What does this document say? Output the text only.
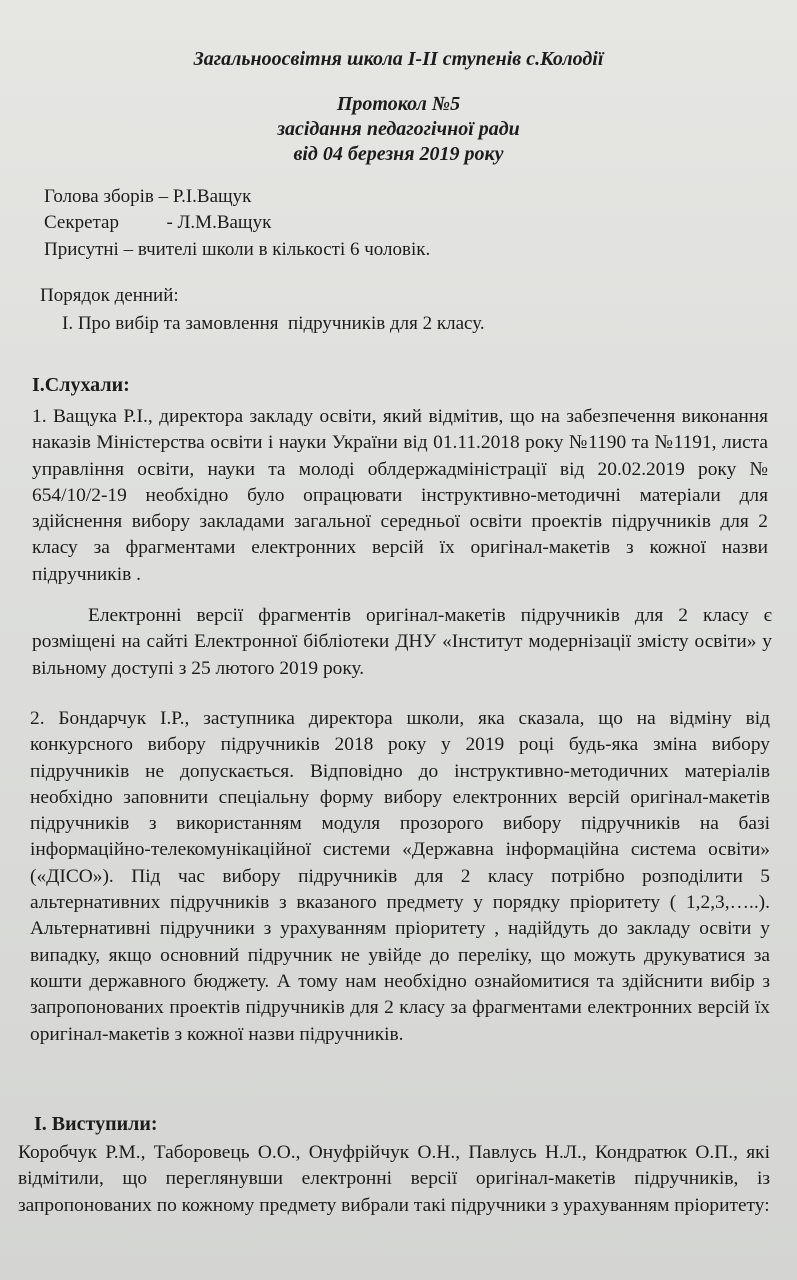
Загальноосвітня школа І-ІІ ступенів с.Колодії

Протокол №5

засідання педагогічної ради

від 04 березня 2019 року

Голова зборів – Р.І.Ващук

Секретар          - Л.М.Ващук

Присутні – вчителі школи в кількості 6 чоловік.

Порядок денний:

І. Про вибір та замовлення  підручників для 2 класу.

І.Слухали:

1. Ващука Р.І., директора закладу освіти, який відмітив, що на забезпечення виконання наказів Міністерства освіти і науки України від 01.11.2018 року №1190 та №1191, листа управління освіти, науки та молоді облдержадміністрації від 20.02.2019 року № 654/10/2-19 необхідно було опрацювати інструктивно-методичні матеріали для здійснення вибору закладами загальної середньої освіти проектів підручників для 2 класу за фрагментами електронних версій їх оригінал-макетів з кожної назви підручників .

Електронні версії фрагментів оригінал-макетів підручників для 2 класу є розміщені на сайті Електронної бібліотеки ДНУ «Інститут модернізації змісту освіти» у вільному доступі з 25 лютого 2019 року.

2. Бондарчук І.Р., заступника директора школи, яка сказала, що на відміну від конкурсного вибору підручників 2018 року у 2019 році будь-яка зміна вибору підручників не допускається. Відповідно до інструктивно-методичних матеріалів необхідно заповнити спеціальну форму вибору електронних версій оригінал-макетів підручників з використанням модуля прозорого вибору підручників на базі інформаційно-телекомунікаційної системи «Державна інформаційна система освіти» («ДІСО»). Під час вибору підручників для 2 класу потрібно розподілити 5 альтернативних підручників з вказаного предмету у порядку пріоритету ( 1,2,3,…..). Альтернативні підручники з урахуванням пріоритету , надійдуть до закладу освіти у випадку, якщо основний підручник не увійде до переліку, що можуть друкуватися за кошти державного бюджету. А тому нам необхідно ознайомитися та здійснити вибір з запропонованих проектів підручників для 2 класу за фрагментами електронних версій їх оригінал-макетів з кожної назви підручників.

І. Виступили:

Коробчук Р.М., Таборовець О.О., Онуфрійчук О.Н., Павлусь Н.Л., Кондратюк О.П., які відмітили, що переглянувши електронні версії оригінал-макетів підручників, із запропонованих по кожному предмету вибрали такі підручники з урахуванням пріоритету:
